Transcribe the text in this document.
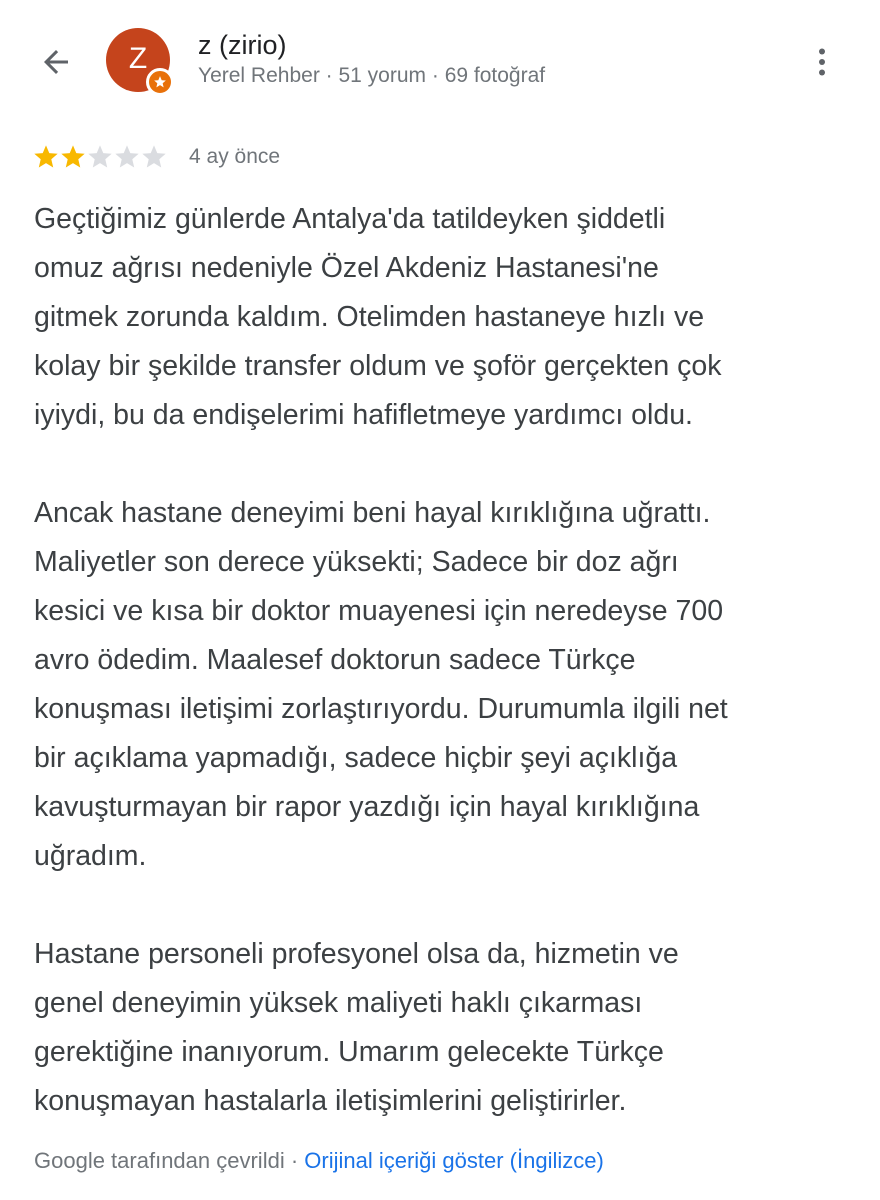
Z	z (zirio)
Yerel Rehber · 51 yorum · 69 fotoğraf
4 ay önce

Geçtiğimiz günlerde Antalya'da tatildeyken şiddetli
omuz ağrısı nedeniyle Özel Akdeniz Hastanesi'ne
gitmek zorunda kaldım. Otelimden hastaneye hızlı ve
kolay bir şekilde transfer oldum ve şoför gerçekten çok
iyiydi, bu da endişelerimi hafifletmeye yardımcı oldu.

Ancak hastane deneyimi beni hayal kırıklığına uğrattı.
Maliyetler son derece yüksekti; Sadece bir doz ağrı
kesici ve kısa bir doktor muayenesi için neredeyse 700
avro ödedim. Maalesef doktorun sadece Türkçe
konuşması iletişimi zorlaştırıyordu. Durumumla ilgili net
bir açıklama yapmadığı, sadece hiçbir şeyi açıklığa
kavuşturmayan bir rapor yazdığı için hayal kırıklığına
uğradım.

Hastane personeli profesyonel olsa da, hizmetin ve
genel deneyimin yüksek maliyeti haklı çıkarması
gerektiğine inanıyorum. Umarım gelecekte Türkçe
konuşmayan hastalarla iletişimlerini geliştirirler.

Google tarafından çevrildi · Orijinal içeriği göster (İngilizce)
